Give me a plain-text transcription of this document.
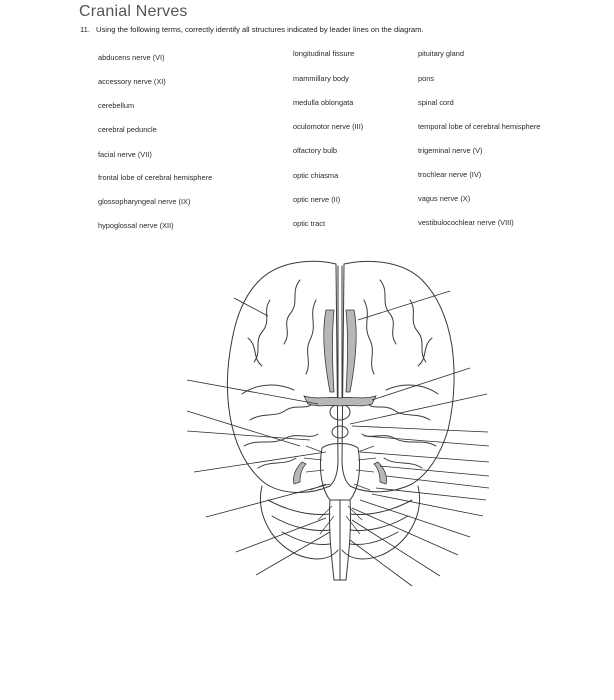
Cranial Nerves
11. Using the following terms, correctly identify all structures indicated by leader lines on the diagram.
abducens nerve (VI)
accessory nerve (XI)
cerebellum
cerebral peduncle
facial nerve (VII)
frontal lobe of cerebral hemisphere
glossopharyngeal nerve (IX)
hypoglossal nerve (XII)
longitudinal fissure
mammillary body
medulla oblongata
oculomotor nerve (III)
olfactory bulb
optic chiasma
optic nerve (II)
optic tract
pituitary gland
pons
spinal cord
temporal lobe of cerebral hemisphere
trigeminal nerve (V)
trochlear nerve (IV)
vagus nerve (X)
vestibulocochlear nerve (VIII)
